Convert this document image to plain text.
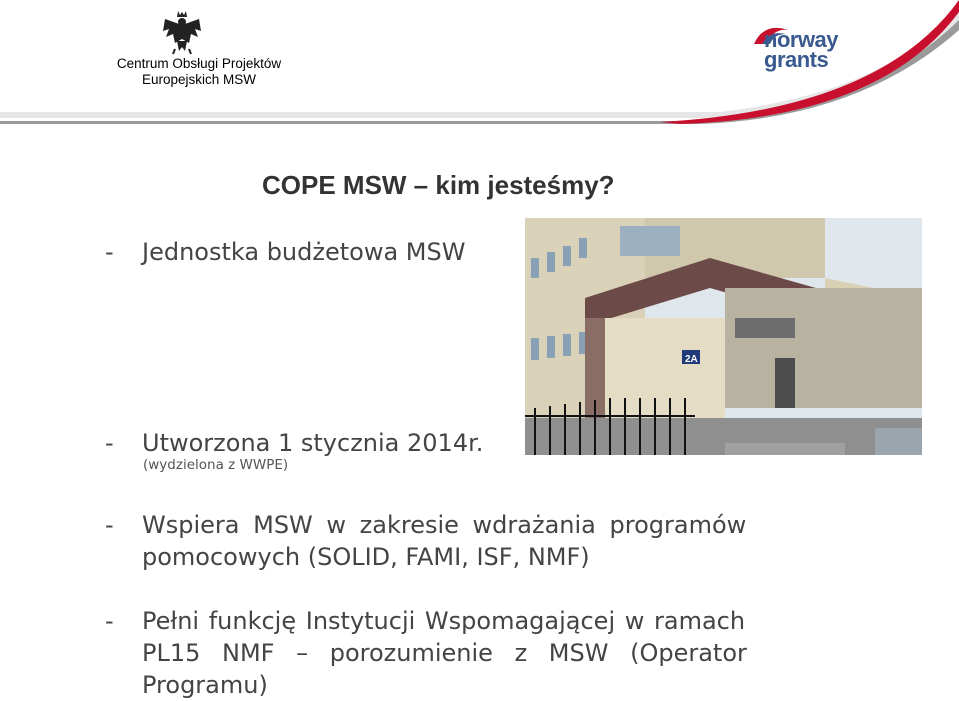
Centrum Obsługi Projektów
Europejskich MSW
norway
grants
COPE MSW – kim jesteśmy?
- Jednostka budżetowa MSW
- Utworzona 1 stycznia 2014r.
(wydzielona z WWPE)
- Wspiera MSW w zakresie wdrażania programów
pomocowych (SOLID, FAMI, ISF, NMF)
- Pełni funkcję Instytucji Wspomagającej w ramach
PL15 NMF – porozumienie z MSW (Operator
Programu)
2A
